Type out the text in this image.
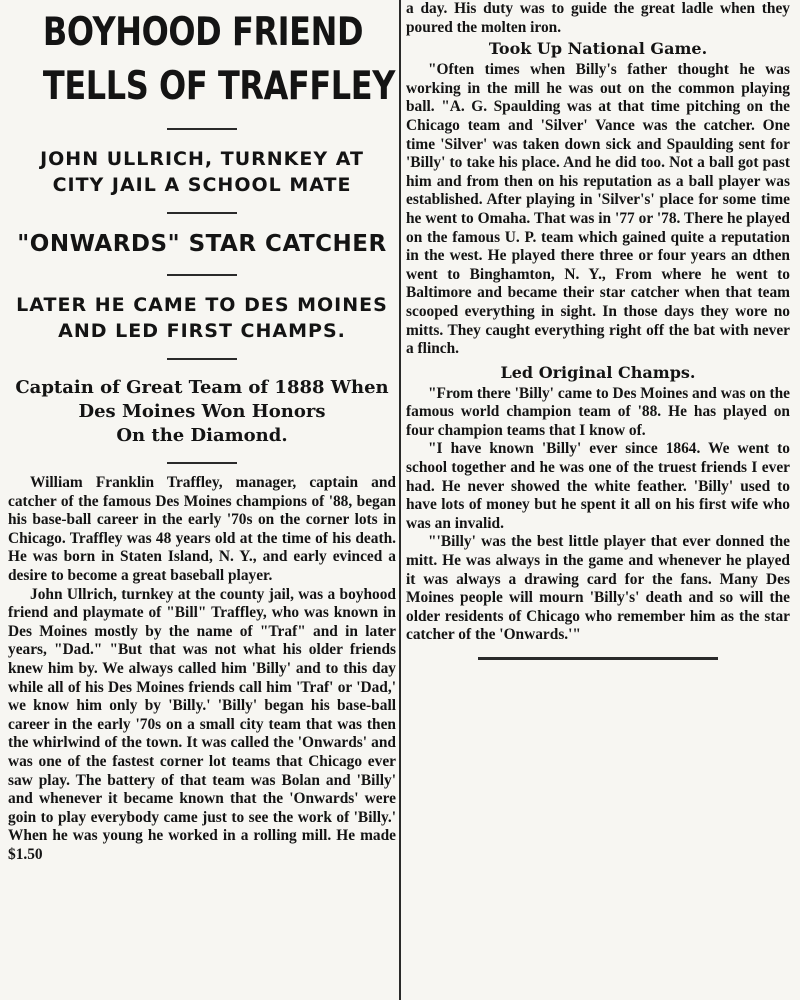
BOYHOOD FRIEND
TELLS OF TRAFFLEY

JOHN ULLRICH, TURNKEY AT

CITY JAIL A SCHOOL MATE

"ONWARDS" STAR CATCHER

LATER HE CAME TO DES MOINES

AND LED FIRST CHAMPS.

Captain of Great Team of 1888 When

Des Moines Won Honors

On the Diamond.

William Franklin Traffley, manager, captain and catcher of the famous Des Moines champions of '88, began his base-ball career in the early '70s on the corner lots in Chicago. Traffley was 48 years old at the time of his death. He was born in Staten Island, N. Y., and early evinced a desire to become a great baseball player.

John Ullrich, turnkey at the county jail, was a boyhood friend and playmate of "Bill" Traffley, who was known in Des Moines mostly by the name of "Traf" and in later years, "Dad." "But that was not what his older friends knew him by. We always called him 'Billy' and to this day while all of his Des Moines friends call him 'Traf' or 'Dad,' we know him only by 'Billy.' 'Billy' began his base-ball career in the early '70s on a small city team that was then the whirlwind of the town. It was called the 'Onwards' and was one of the fastest corner lot teams that Chicago ever saw play. The battery of that team was Bolan and 'Billy' and whenever it became known that the 'Onwards' were goin to play everybody came just to see the work of 'Billy.' When he was young he worked in a rolling mill. He made $1.50

a day. His duty was to guide the great ladle when they poured the molten iron.

Took Up National Game.

"Often times when Billy's father thought he was working in the mill he was out on the common playing ball. "A. G. Spaulding was at that time pitching on the Chicago team and 'Silver' Vance was the catcher. One time 'Silver' was taken down sick and Spaulding sent for 'Billy' to take his place. And he did too. Not a ball got past him and from then on his reputation as a ball player was established. After playing in 'Silver's' place for some time he went to Omaha. That was in '77 or '78. There he played on the famous U. P. team which gained quite a reputation in the west. He played there three or four years an dthen went to Binghamton, N. Y., From where he went to Baltimore and became their star catcher when that team scooped everything in sight. In those days they wore no mitts. They caught everything right off the bat with never a flinch.

Led Original Champs.

"From there 'Billy' came to Des Moines and was on the famous world champion team of '88. He has played on four champion teams that I know of.

"I have known 'Billy' ever since 1864. We went to school together and he was one of the truest friends I ever had. He never showed the white feather. 'Billy' used to have lots of money but he spent it all on his first wife who was an invalid.

"'Billy' was the best little player that ever donned the mitt. He was always in the game and whenever he played it was always a drawing card for the fans. Many Des Moines people will mourn 'Billy's' death and so will the older residents of Chicago who remember him as the star catcher of the 'Onwards.'"
